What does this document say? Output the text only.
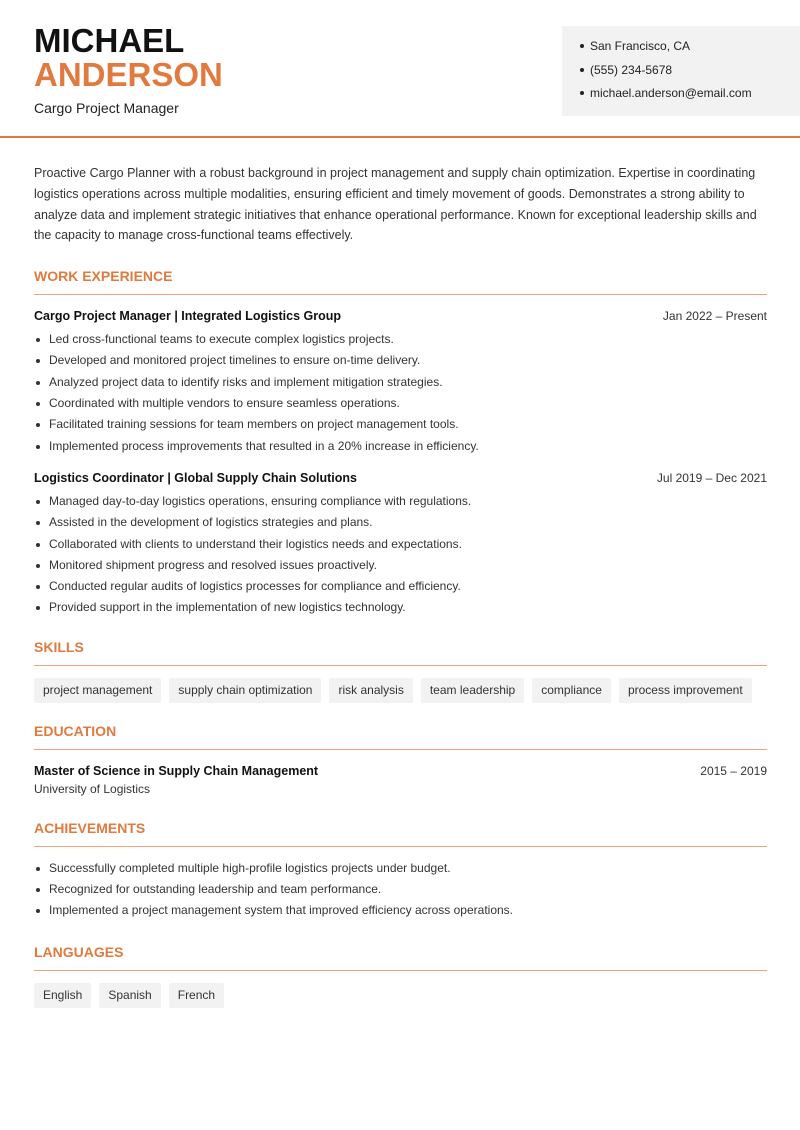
MICHAEL
ANDERSON
Cargo Project Manager
San Francisco, CA
(555) 234-5678
michael.anderson@email.com

Proactive Cargo Planner with a robust background in project management and supply chain optimization. Expertise in coordinating logistics operations across multiple modalities, ensuring efficient and timely movement of goods. Demonstrates a strong ability to analyze data and implement strategic initiatives that enhance operational performance. Known for exceptional leadership skills and the capacity to manage cross-functional teams effectively.

WORK EXPERIENCE
Cargo Project Manager | Integrated Logistics Group	Jan 2022 – Present
Led cross-functional teams to execute complex logistics projects.
Developed and monitored project timelines to ensure on-time delivery.
Analyzed project data to identify risks and implement mitigation strategies.
Coordinated with multiple vendors to ensure seamless operations.
Facilitated training sessions for team members on project management tools.
Implemented process improvements that resulted in a 20% increase in efficiency.
Logistics Coordinator | Global Supply Chain Solutions	Jul 2019 – Dec 2021
Managed day-to-day logistics operations, ensuring compliance with regulations.
Assisted in the development of logistics strategies and plans.
Collaborated with clients to understand their logistics needs and expectations.
Monitored shipment progress and resolved issues proactively.
Conducted regular audits of logistics processes for compliance and efficiency.
Provided support in the implementation of new logistics technology.
SKILLS
project management	supply chain optimization	risk analysis	team leadership	compliance	process improvement
EDUCATION
Master of Science in Supply Chain Management	2015 – 2019
University of Logistics
ACHIEVEMENTS
Successfully completed multiple high-profile logistics projects under budget.
Recognized for outstanding leadership and team performance.
Implemented a project management system that improved efficiency across operations.
LANGUAGES
English	Spanish	French
